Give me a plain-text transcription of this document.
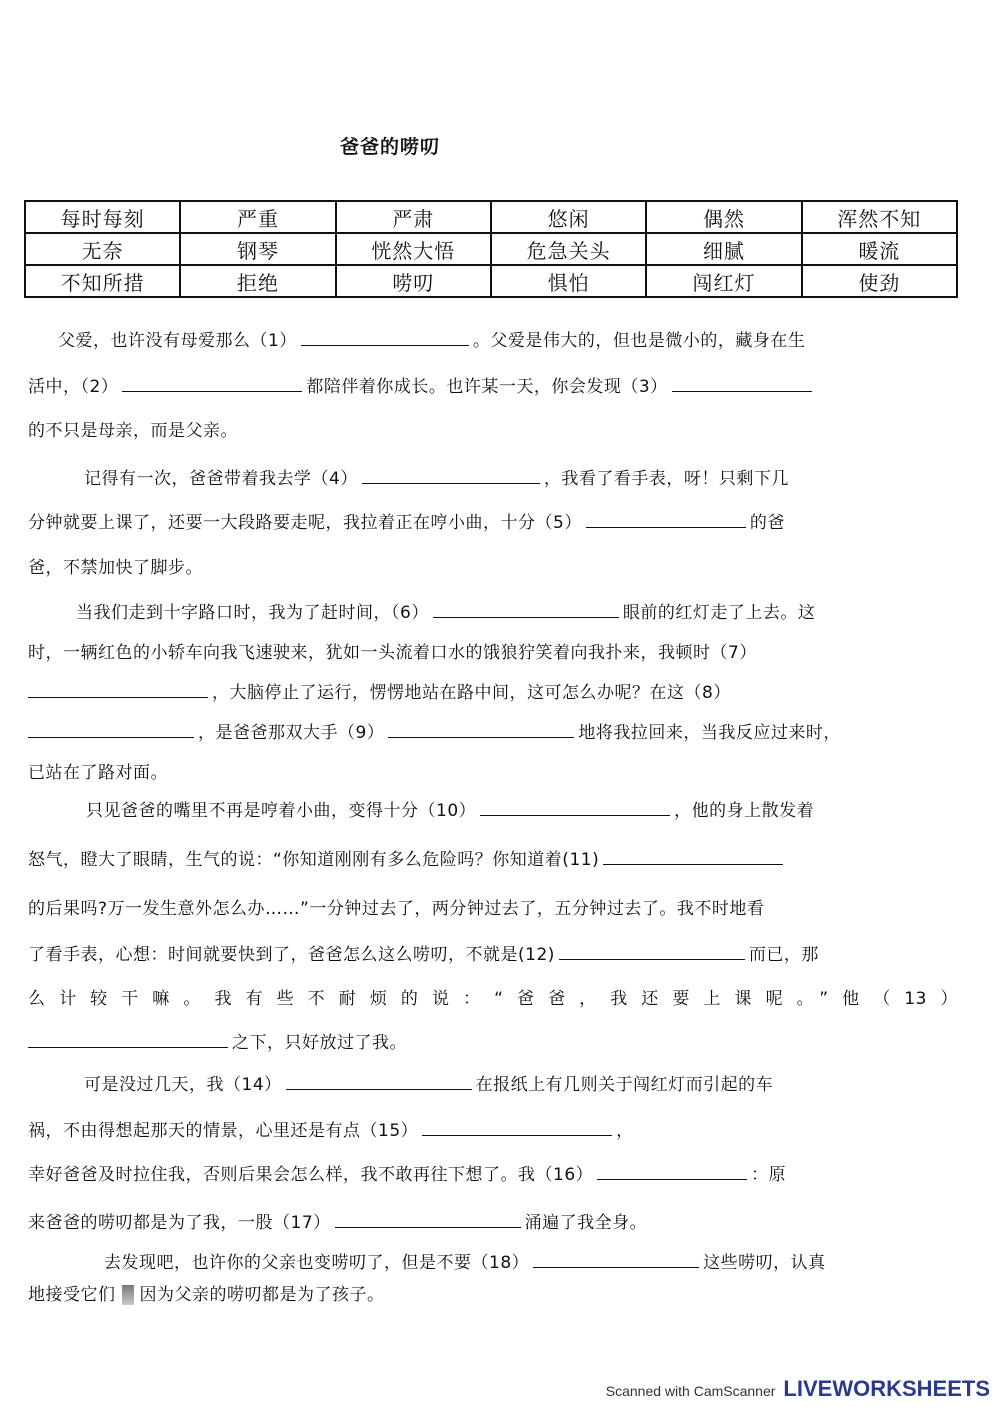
爸爸的唠叨
每时每刻	严重	严肃	悠闲	偶然	浑然不知
无奈	钢琴	恍然大悟	危急关头	细腻	暖流
不知所措	拒绝	唠叨	惧怕	闯红灯	使劲
父爱，也许没有母爱那么（1）	。父爱是伟大的，但也是微小的，藏身在生
活中，（2）	都陪伴着你成长。也许某一天，你会发现（3）
的不只是母亲，而是父亲。
记得有一次，爸爸带着我去学（4）	，我看了看手表，呀！只剩下几
分钟就要上课了，还要一大段路要走呢，我拉着正在哼小曲，十分（5）	的爸
爸，不禁加快了脚步。
当我们走到十字路口时，我为了赶时间，（6）	眼前的红灯走了上去。这
时，一辆红色的小轿车向我飞速驶来，犹如一头流着口水的饿狼狞笑着向我扑来，我顿时（7）
，大脑停止了运行，愣愣地站在路中间，这可怎么办呢？在这（8）
，是爸爸那双大手（9）	地将我拉回来，当我反应过来时，
已站在了路对面。
只见爸爸的嘴里不再是哼着小曲，变得十分（10）	，他的身上散发着
怒气，瞪大了眼睛，生气的说：“你知道刚刚有多么危险吗？你知道着(11)
的后果吗?万一发生意外怎么办……”一分钟过去了，两分钟过去了，五分钟过去了。我不时地看
了看手表，心想：时间就要快到了，爸爸怎么这么唠叨，不就是(12)	而已，那
么计较干嘛。我有些不耐烦的说：“爸爸，我还要上课呢。”他（13）
之下，只好放过了我。
可是没过几天，我（14）	在报纸上有几则关于闯红灯而引起的车
祸，不由得想起那天的情景，心里还是有点（15）	，
幸好爸爸及时拉住我，否则后果会怎么样，我不敢再往下想了。我（16）	：原
来爸爸的唠叨都是为了我，一股（17）	涌遍了我全身。
去发现吧，也许你的父亲也变唠叨了，但是不要（18）	这些唠叨，认真
地接受它们 因为父亲的唠叨都是为了孩子。
Scanned with CamScanner LIVEWORKSHEETS
